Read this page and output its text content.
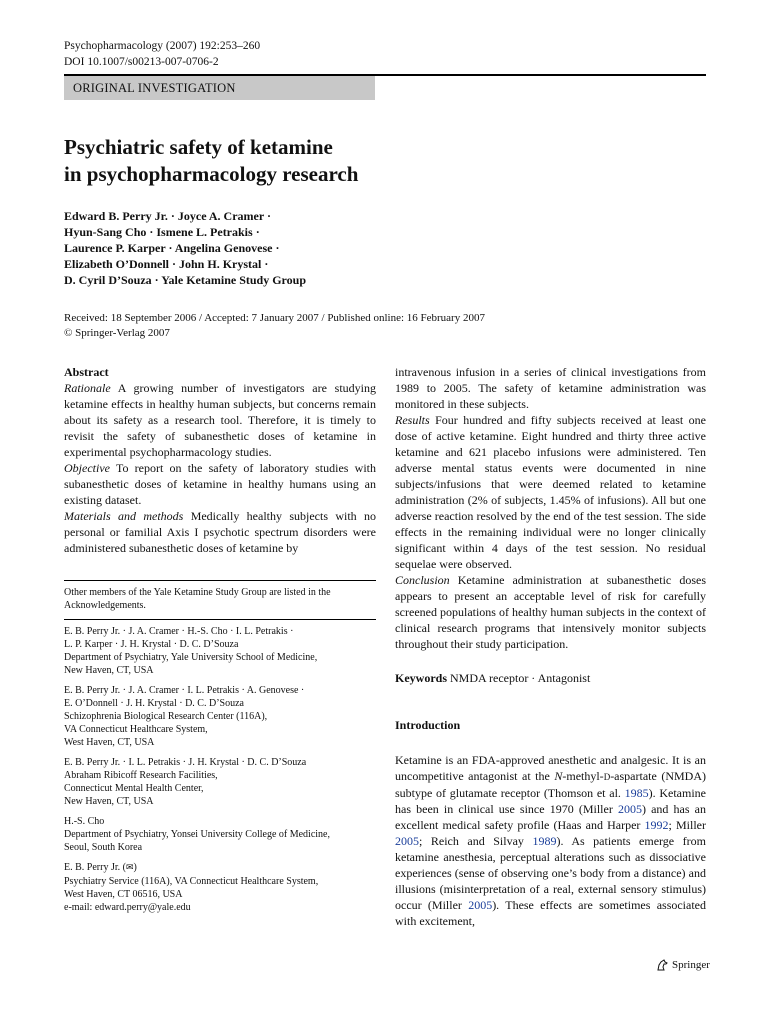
Psychopharmacology (2007) 192:253–260
DOI 10.1007/s00213-007-0706-2
ORIGINAL INVESTIGATION
Psychiatric safety of ketamine
in psychopharmacology research
Edward B. Perry Jr. · Joyce A. Cramer ·
Hyun-Sang Cho · Ismene L. Petrakis ·
Laurence P. Karper · Angelina Genovese ·
Elizabeth O’Donnell · John H. Krystal ·
D. Cyril D’Souza · Yale Ketamine Study Group
Received: 18 September 2006 / Accepted: 7 January 2007 / Published online: 16 February 2007
© Springer-Verlag 2007

Abstract

Rationale A growing number of investigators are studying ketamine effects in healthy human subjects, but concerns remain about its safety as a research tool. Therefore, it is timely to revisit the safety of subanesthetic doses of ketamine in experimental psychopharmacology studies.

Objective To report on the safety of laboratory studies with subanesthetic doses of ketamine in healthy humans using an existing dataset.

Materials and methods Medically healthy subjects with no personal or familial Axis I psychotic spectrum disorders were administered subanesthetic doses of ketamine by

Other members of the Yale Ketamine Study Group are listed in the Acknowledgements.
E. B. Perry Jr. · J. A. Cramer · H.-S. Cho · I. L. Petrakis ·
L. P. Karper · J. H. Krystal · D. C. D’Souza
Department of Psychiatry, Yale University School of Medicine,
New Haven, CT, USA
E. B. Perry Jr. · J. A. Cramer · I. L. Petrakis · A. Genovese ·
E. O’Donnell · J. H. Krystal · D. C. D’Souza
Schizophrenia Biological Research Center (116A),
VA Connecticut Healthcare System,
West Haven, CT, USA
E. B. Perry Jr. · I. L. Petrakis · J. H. Krystal · D. C. D’Souza
Abraham Ribicoff Research Facilities,
Connecticut Mental Health Center,
New Haven, CT, USA
H.-S. Cho
Department of Psychiatry, Yonsei University College of Medicine,
Seoul, South Korea
E. B. Perry Jr. (✉)
Psychiatry Service (116A), VA Connecticut Healthcare System,
West Haven, CT 06516, USA
e-mail: edward.perry@yale.edu

intravenous infusion in a series of clinical investigations from 1989 to 2005. The safety of ketamine administration was monitored in these subjects.

Results Four hundred and fifty subjects received at least one dose of active ketamine. Eight hundred and thirty three active ketamine and 621 placebo infusions were administered. Ten adverse mental status events were documented in nine subjects/infusions that were deemed related to ketamine administration (2% of subjects, 1.45% of infusions). All but one adverse reaction resolved by the end of the test session. The side effects in the remaining individual were no longer clinically significant within 4 days of the test session. No residual sequelae were observed.

Conclusion Ketamine administration at subanesthetic doses appears to present an acceptable level of risk for carefully screened populations of healthy human subjects in the context of clinical research programs that intensively monitor subjects throughout their study participation.

Keywords NMDA receptor · Antagonist
Introduction
Ketamine is an FDA-approved anesthetic and analgesic. It is an uncompetitive antagonist at the N-methyl-D-aspartate (NMDA) subtype of glutamate receptor (Thomson et al. 1985). Ketamine has been in clinical use since 1970 (Miller 2005) and has an excellent medical safety profile (Haas and Harper 1992; Miller 2005; Reich and Silvay 1989). As patients emerge from ketamine anesthesia, perceptual alterations such as dissociative experiences (sense of observing one’s body from a distance) and illusions (misinterpretation of a real, external sensory stimulus) occur (Miller 2005). These effects are sometimes associated with excitement,
Springer
